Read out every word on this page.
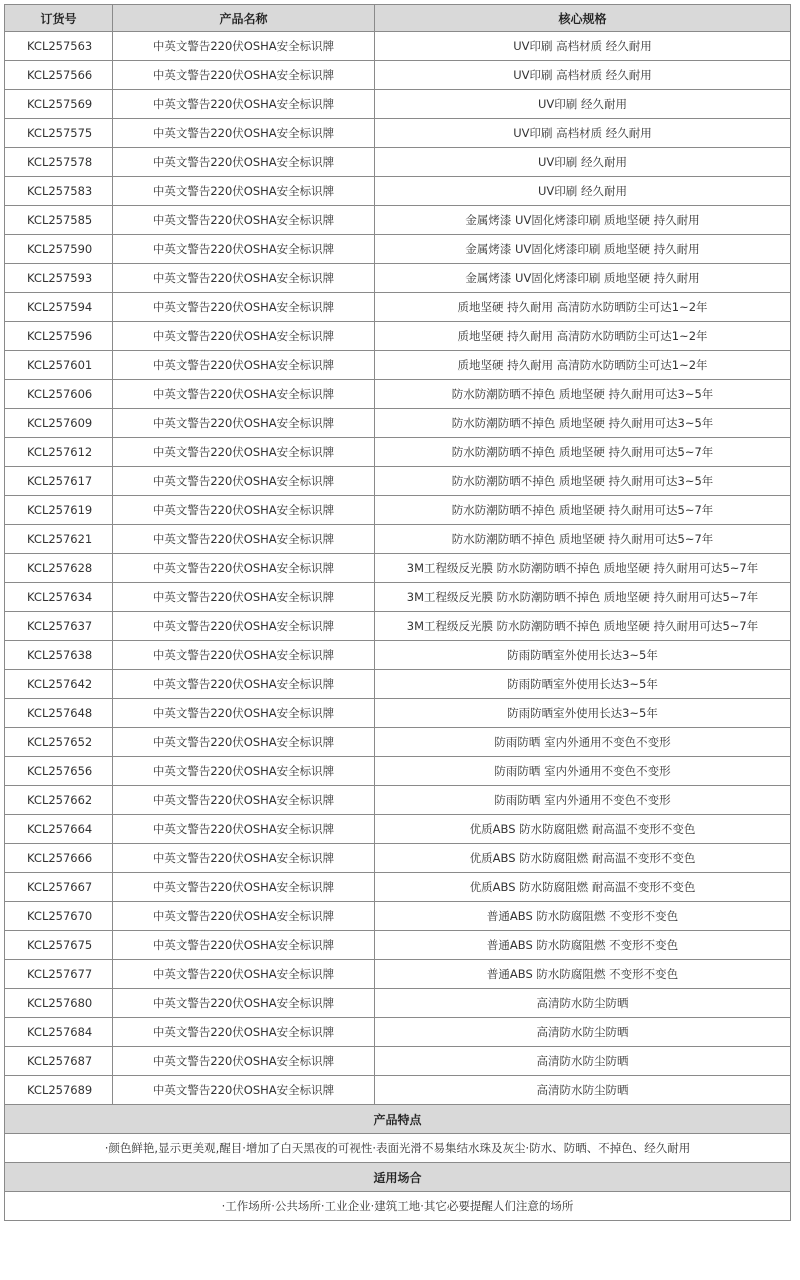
订货号	产品名称	核心规格
KCL257563	中英文警告220伏OSHA安全标识牌	UV印刷 高档材质 经久耐用
KCL257566	中英文警告220伏OSHA安全标识牌	UV印刷 高档材质 经久耐用
KCL257569	中英文警告220伏OSHA安全标识牌	UV印刷 经久耐用
KCL257575	中英文警告220伏OSHA安全标识牌	UV印刷 高档材质 经久耐用
KCL257578	中英文警告220伏OSHA安全标识牌	UV印刷 经久耐用
KCL257583	中英文警告220伏OSHA安全标识牌	UV印刷 经久耐用
KCL257585	中英文警告220伏OSHA安全标识牌	金属烤漆 UV固化烤漆印刷 质地坚硬 持久耐用
KCL257590	中英文警告220伏OSHA安全标识牌	金属烤漆 UV固化烤漆印刷 质地坚硬 持久耐用
KCL257593	中英文警告220伏OSHA安全标识牌	金属烤漆 UV固化烤漆印刷 质地坚硬 持久耐用
KCL257594	中英文警告220伏OSHA安全标识牌	质地坚硬 持久耐用 高清防水防晒防尘可达1~2年
KCL257596	中英文警告220伏OSHA安全标识牌	质地坚硬 持久耐用 高清防水防晒防尘可达1~2年
KCL257601	中英文警告220伏OSHA安全标识牌	质地坚硬 持久耐用 高清防水防晒防尘可达1~2年
KCL257606	中英文警告220伏OSHA安全标识牌	防水防潮防晒不掉色 质地坚硬 持久耐用可达3~5年
KCL257609	中英文警告220伏OSHA安全标识牌	防水防潮防晒不掉色 质地坚硬 持久耐用可达3~5年
KCL257612	中英文警告220伏OSHA安全标识牌	防水防潮防晒不掉色 质地坚硬 持久耐用可达5~7年
KCL257617	中英文警告220伏OSHA安全标识牌	防水防潮防晒不掉色 质地坚硬 持久耐用可达3~5年
KCL257619	中英文警告220伏OSHA安全标识牌	防水防潮防晒不掉色 质地坚硬 持久耐用可达5~7年
KCL257621	中英文警告220伏OSHA安全标识牌	防水防潮防晒不掉色 质地坚硬 持久耐用可达5~7年
KCL257628	中英文警告220伏OSHA安全标识牌	3M工程级反光膜 防水防潮防晒不掉色 质地坚硬 持久耐用可达5~7年
KCL257634	中英文警告220伏OSHA安全标识牌	3M工程级反光膜 防水防潮防晒不掉色 质地坚硬 持久耐用可达5~7年
KCL257637	中英文警告220伏OSHA安全标识牌	3M工程级反光膜 防水防潮防晒不掉色 质地坚硬 持久耐用可达5~7年
KCL257638	中英文警告220伏OSHA安全标识牌	防雨防晒室外使用长达3~5年
KCL257642	中英文警告220伏OSHA安全标识牌	防雨防晒室外使用长达3~5年
KCL257648	中英文警告220伏OSHA安全标识牌	防雨防晒室外使用长达3~5年
KCL257652	中英文警告220伏OSHA安全标识牌	防雨防晒 室内外通用不变色不变形
KCL257656	中英文警告220伏OSHA安全标识牌	防雨防晒 室内外通用不变色不变形
KCL257662	中英文警告220伏OSHA安全标识牌	防雨防晒 室内外通用不变色不变形
KCL257664	中英文警告220伏OSHA安全标识牌	优质ABS 防水防腐阻燃 耐高温不变形不变色
KCL257666	中英文警告220伏OSHA安全标识牌	优质ABS 防水防腐阻燃 耐高温不变形不变色
KCL257667	中英文警告220伏OSHA安全标识牌	优质ABS 防水防腐阻燃 耐高温不变形不变色
KCL257670	中英文警告220伏OSHA安全标识牌	普通ABS 防水防腐阻燃 不变形不变色
KCL257675	中英文警告220伏OSHA安全标识牌	普通ABS 防水防腐阻燃 不变形不变色
KCL257677	中英文警告220伏OSHA安全标识牌	普通ABS 防水防腐阻燃 不变形不变色
KCL257680	中英文警告220伏OSHA安全标识牌	高清防水防尘防晒
KCL257684	中英文警告220伏OSHA安全标识牌	高清防水防尘防晒
KCL257687	中英文警告220伏OSHA安全标识牌	高清防水防尘防晒
KCL257689	中英文警告220伏OSHA安全标识牌	高清防水防尘防晒
产品特点		
·颜色鲜艳,显示更美观,醒目·增加了白天黑夜的可视性·表面光滑不易集结水珠及灰尘·防水、防晒、不掉色、经久耐用		
适用场合		
·工作场所·公共场所·工业企业·建筑工地·其它必要提醒人们注意的场所		
